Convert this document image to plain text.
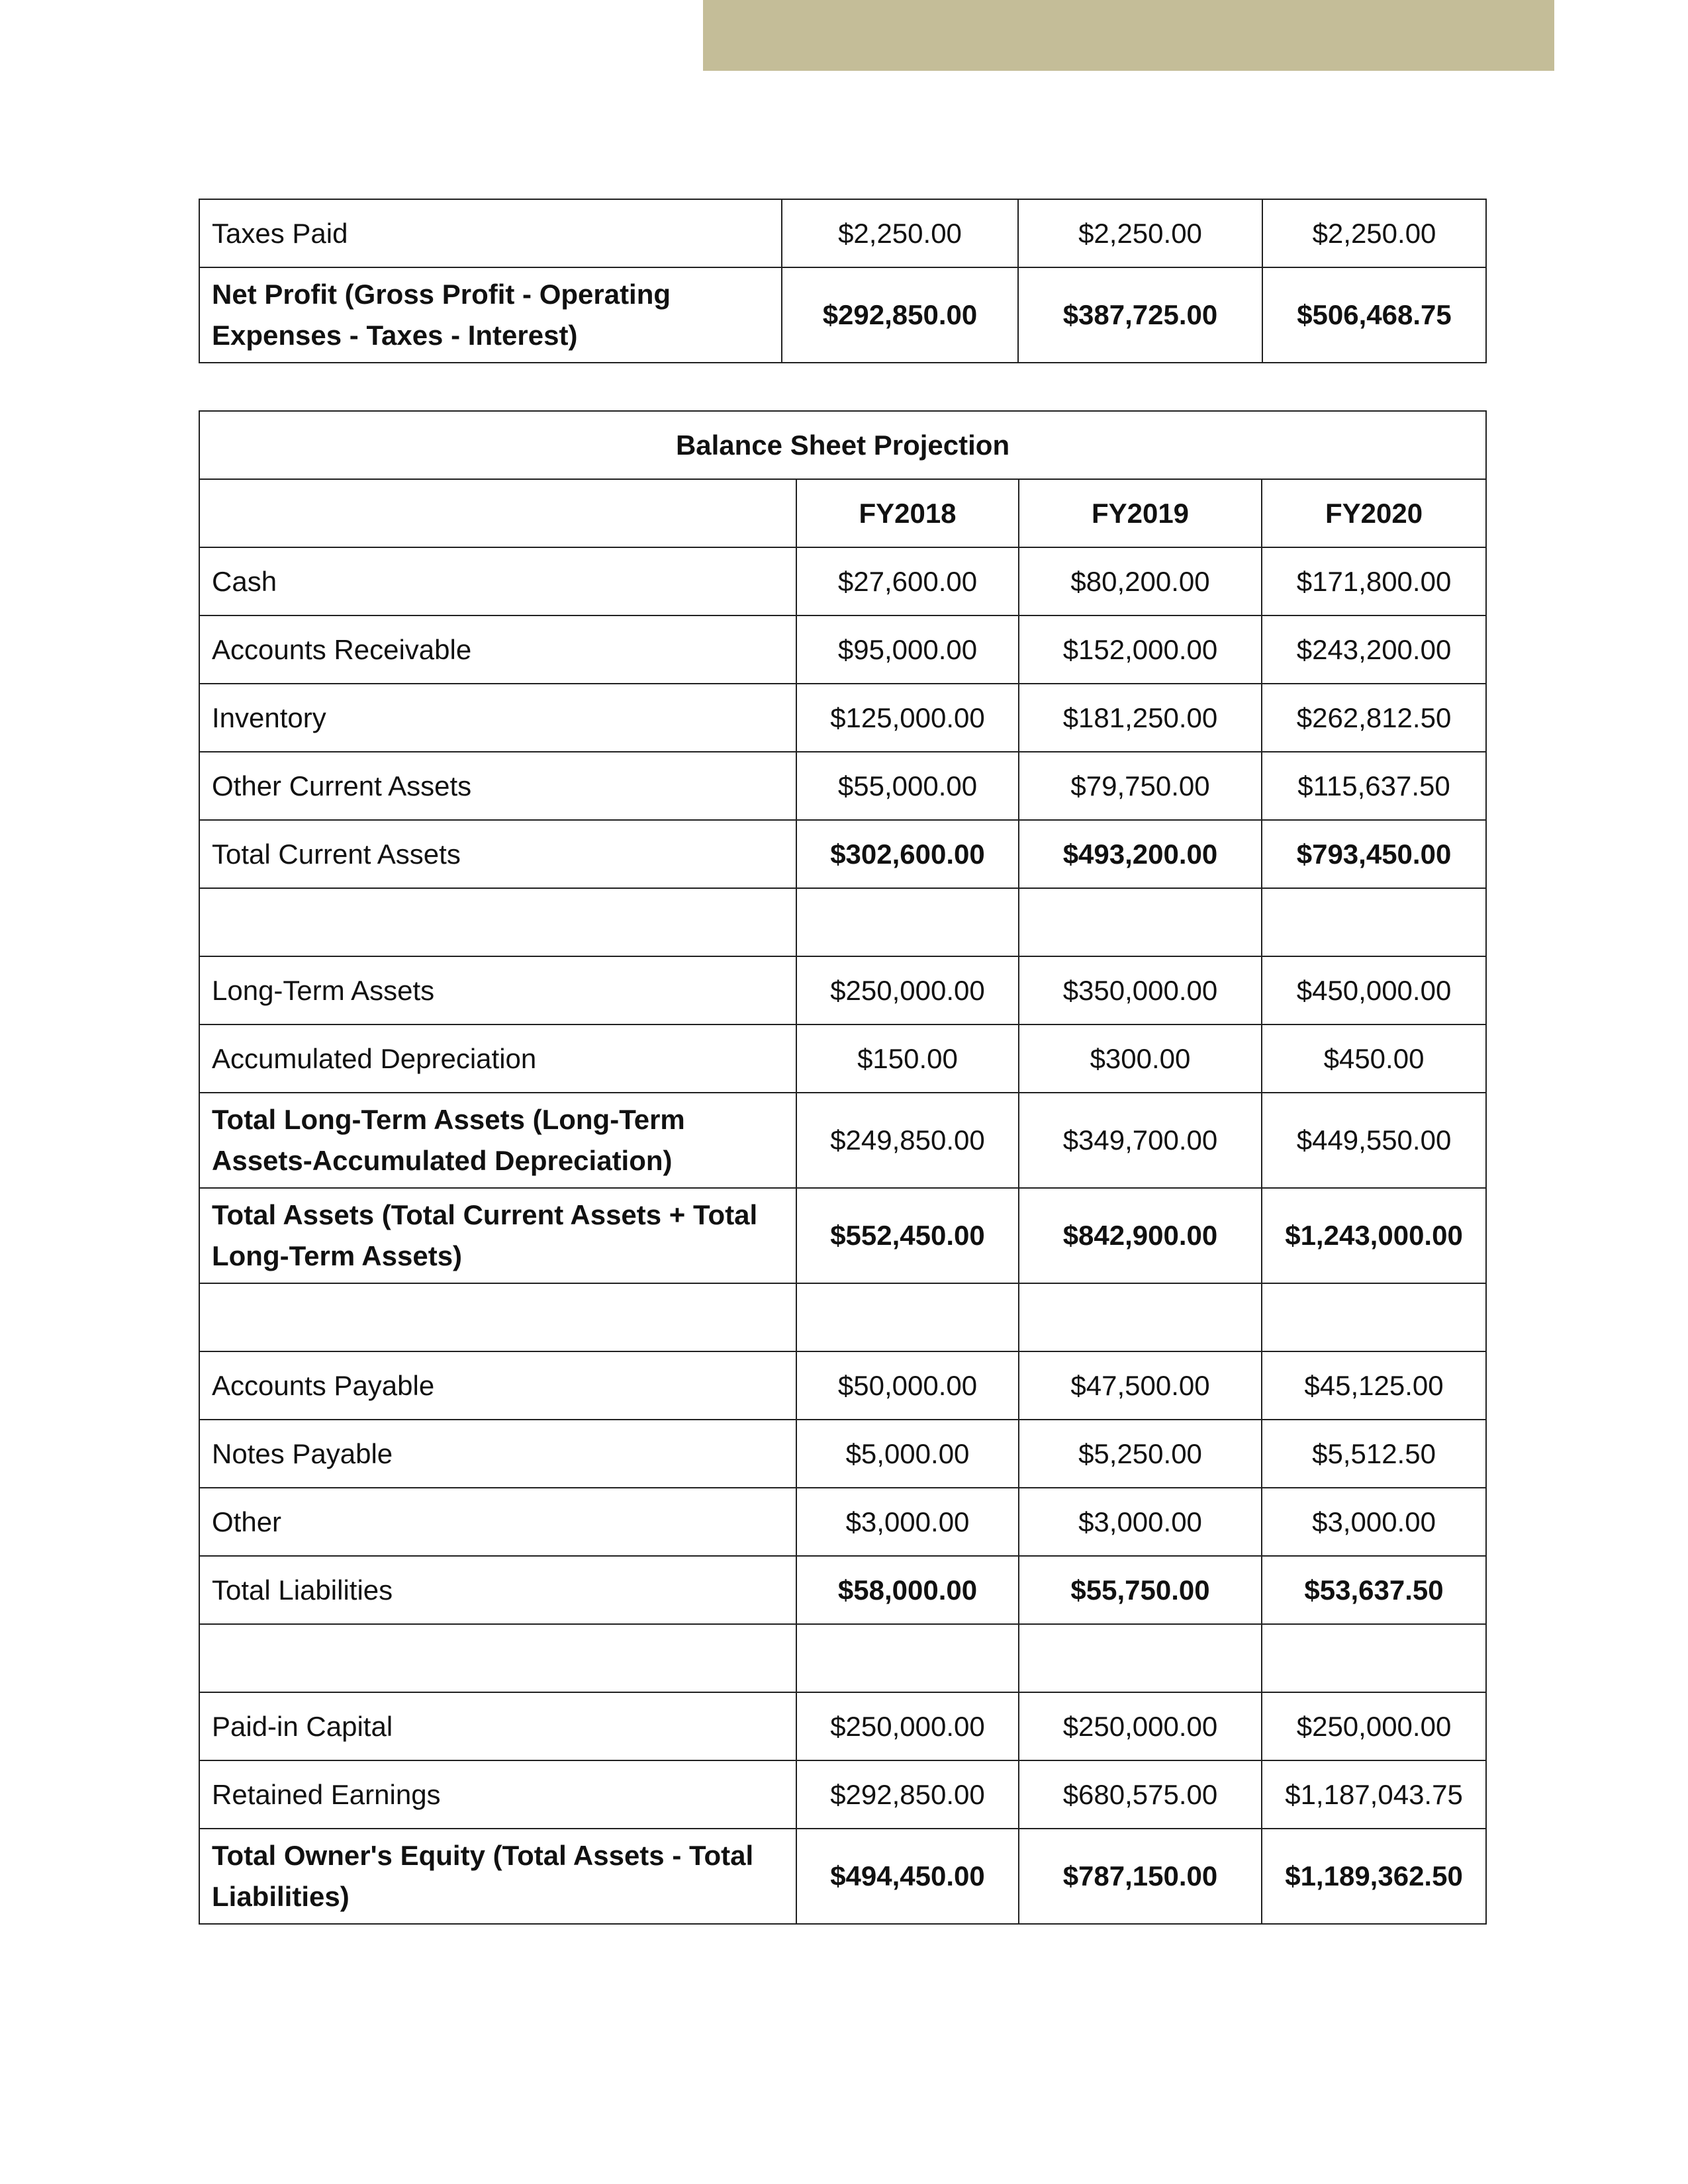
Taxes Paid	$2,250.00	$2,250.00	$2,250.00
Net Profit (Gross Profit - Operating Expenses - Taxes - Interest)	$292,850.00	$387,725.00	$506,468.75
Balance Sheet Projection			
	FY2018	FY2019	FY2020
Cash	$27,600.00	$80,200.00	$171,800.00
Accounts Receivable	$95,000.00	$152,000.00	$243,200.00
Inventory	$125,000.00	$181,250.00	$262,812.50
Other Current Assets	$55,000.00	$79,750.00	$115,637.50
Total Current Assets	$302,600.00	$493,200.00	$793,450.00

Long-Term Assets	$250,000.00	$350,000.00	$450,000.00
Accumulated Depreciation	$150.00	$300.00	$450.00
Total Long-Term Assets (Long-Term Assets-Accumulated Depreciation)	$249,850.00	$349,700.00	$449,550.00
Total Assets (Total Current Assets + Total Long-Term Assets)	$552,450.00	$842,900.00	$1,243,000.00

Accounts Payable	$50,000.00	$47,500.00	$45,125.00
Notes Payable	$5,000.00	$5,250.00	$5,512.50
Other	$3,000.00	$3,000.00	$3,000.00
Total Liabilities	$58,000.00	$55,750.00	$53,637.50

Paid-in Capital	$250,000.00	$250,000.00	$250,000.00
Retained Earnings	$292,850.00	$680,575.00	$1,187,043.75
Total Owner's Equity (Total Assets - Total Liabilities)	$494,450.00	$787,150.00	$1,189,362.50
